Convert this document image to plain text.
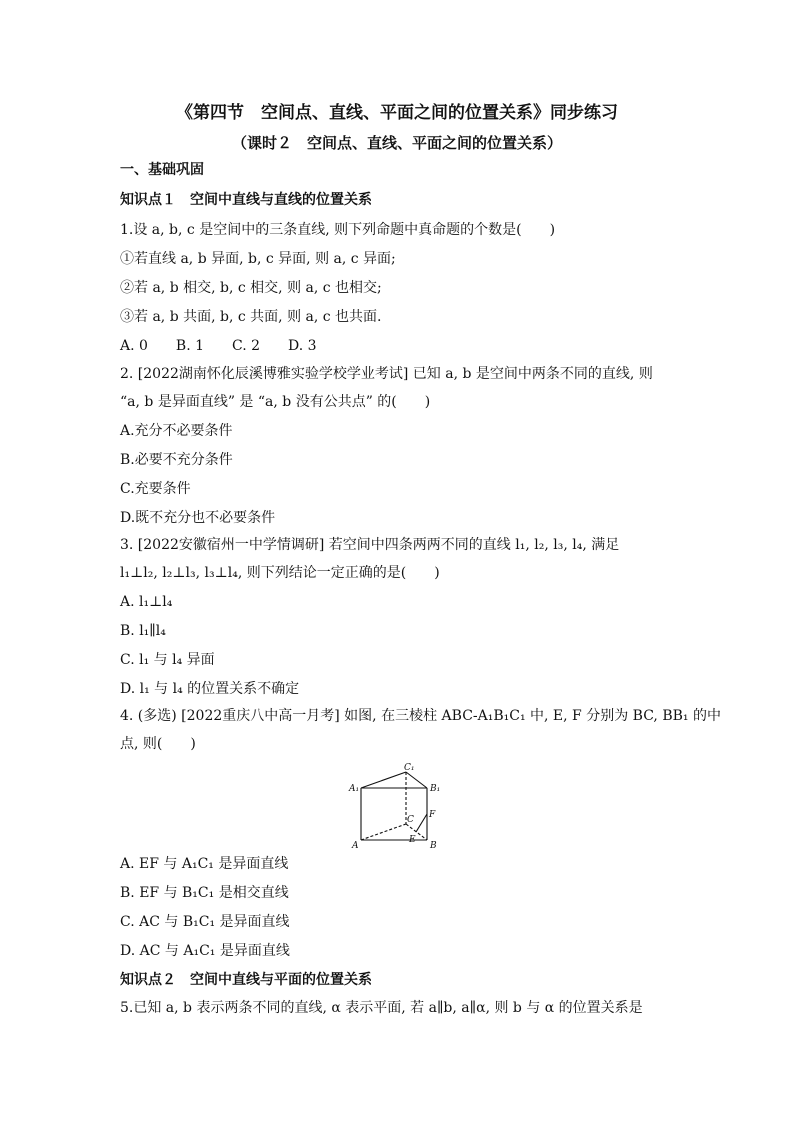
《第四节　空间点、直线、平面之间的位置关系》同步练习
（课时２　空间点、直线、平面之间的位置关系）
一、基础巩固
知识点１　空间中直线与直线的位置关系
1.设 a, b, c 是空间中的三条直线, 则下列命题中真命题的个数是(　　)
①若直线 a, b 异面, b, c 异面, 则 a, c 异面;
②若 a, b 相交, b, c 相交, 则 a, c 也相交;
③若 a, b 共面, b, c 共面, 则 a, c 也共面.
A. 0　　B. 1　　C. 2　　D. 3
2. [2022湖南怀化辰溪博雅实验学校学业考试] 已知 a, b 是空间中两条不同的直线, 则
“a, b 是异面直线” 是 “a, b 没有公共点” 的(　　)
A.充分不必要条件
B.必要不充分条件
C.充要条件
D.既不充分也不必要条件
3. [2022安徽宿州一中学情调研] 若空间中四条两两不同的直线 l₁, l₂, l₃, l₄, 满足
l₁⊥l₂, l₂⊥l₃, l₃⊥l₄, 则下列结论一定正确的是(　　)
A. l₁⊥l₄
B. l₁∥l₄
C. l₁ 与 l₄ 异面
D. l₁ 与 l₄ 的位置关系不确定
4. (多选) [2022重庆八中高一月考] 如图, 在三棱柱 ABC-A₁B₁C₁ 中, E, F 分别为 BC, BB₁ 的中
点, 则(　　)
A₁	B₁
C₁
A	B
C
E
F
A. EF 与 A₁C₁ 是异面直线
B. EF 与 B₁C₁ 是相交直线
C. AC 与 B₁C₁ 是异面直线
D. AC 与 A₁C₁ 是异面直线
知识点２　空间中直线与平面的位置关系
5.已知 a, b 表示两条不同的直线, α 表示平面, 若 a∥b, a∥α, 则 b 与 α 的位置关系是
